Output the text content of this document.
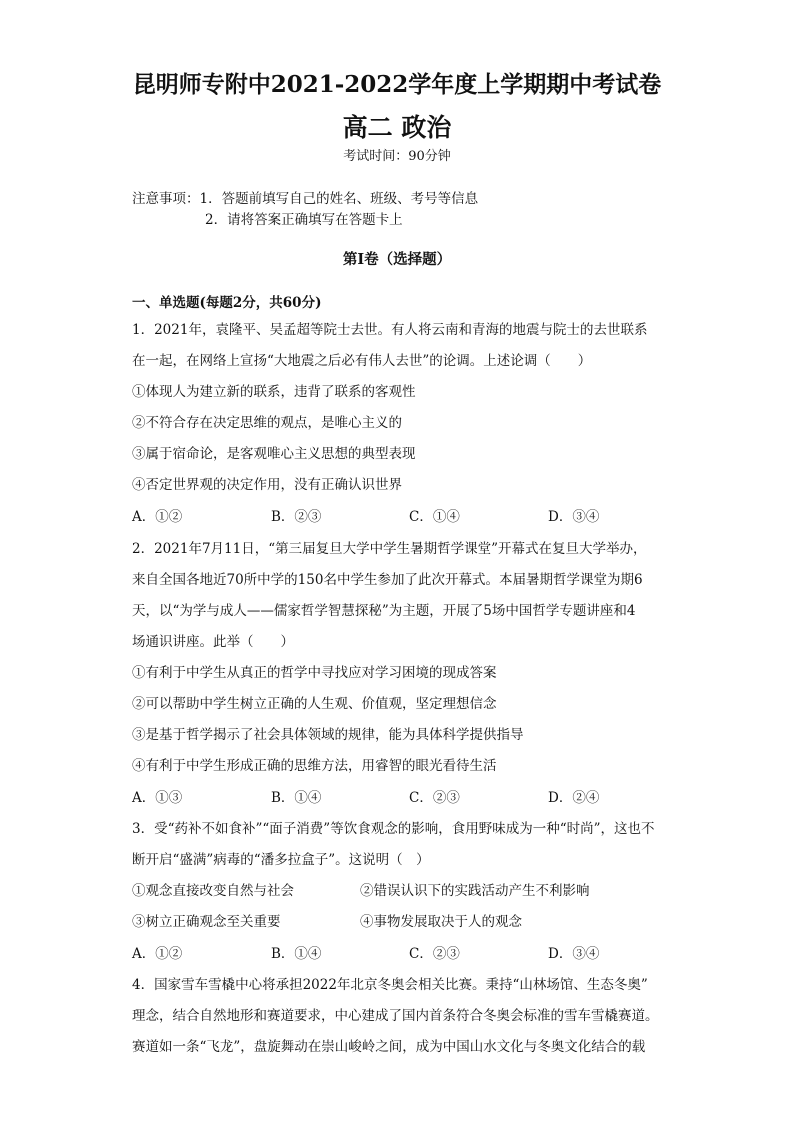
昆明师专附中2021-2022学年度上学期期中考试卷
高二 政治
考试时间：90分钟
注意事项：1．答题前填写自己的姓名、班级、考号等信息
2．请将答案正确填写在答题卡上
第I卷（选择题）
一、单选题(每题2分，共60分)
1．2021年，袁隆平、吴孟超等院士去世。有人将云南和青海的地震与院士的去世联系
在一起，在网络上宣扬“大地震之后必有伟人去世”的论调。上述论调（　　）
①体现人为建立新的联系，违背了联系的客观性
②不符合存在决定思维的观点，是唯心主义的
③属于宿命论，是客观唯心主义思想的典型表现
④否定世界观的决定作用，没有正确认识世界
A．①②	B．②③	C．①④	D．③④
2．2021年7月11日，“第三届复旦大学中学生暑期哲学课堂”开幕式在复旦大学举办，
来自全国各地近70所中学的150名中学生参加了此次开幕式。本届暑期哲学课堂为期6
天，以“为学与成人——儒家哲学智慧探秘”为主题，开展了5场中国哲学专题讲座和4
场通识讲座。此举（　　）
①有利于中学生从真正的哲学中寻找应对学习困境的现成答案
②可以帮助中学生树立正确的人生观、价值观，坚定理想信念
③是基于哲学揭示了社会具体领域的规律，能为具体科学提供指导
④有利于中学生形成正确的思维方法，用睿智的眼光看待生活
A．①③	B．①④	C．②③	D．②④
3．受“药补不如食补”“面子消费”等饮食观念的影响，食用野味成为一种“时尚”，这也不
断开启“盛满”病毒的“潘多拉盒子”。这说明（　）
①观念直接改变自然与社会	②错误认识下的实践活动产生不利影响
③树立正确观念至关重要	④事物发展取决于人的观念
A．①②	B．①④	C．②③	D．③④
4．国家雪车雪橇中心将承担2022年北京冬奥会相关比赛。秉持“山林场馆、生态冬奥”
理念，结合自然地形和赛道要求，中心建成了国内首条符合冬奥会标准的雪车雪橇赛道。
赛道如一条“飞龙”，盘旋舞动在崇山峻岭之间，成为中国山水文化与冬奥文化结合的载
